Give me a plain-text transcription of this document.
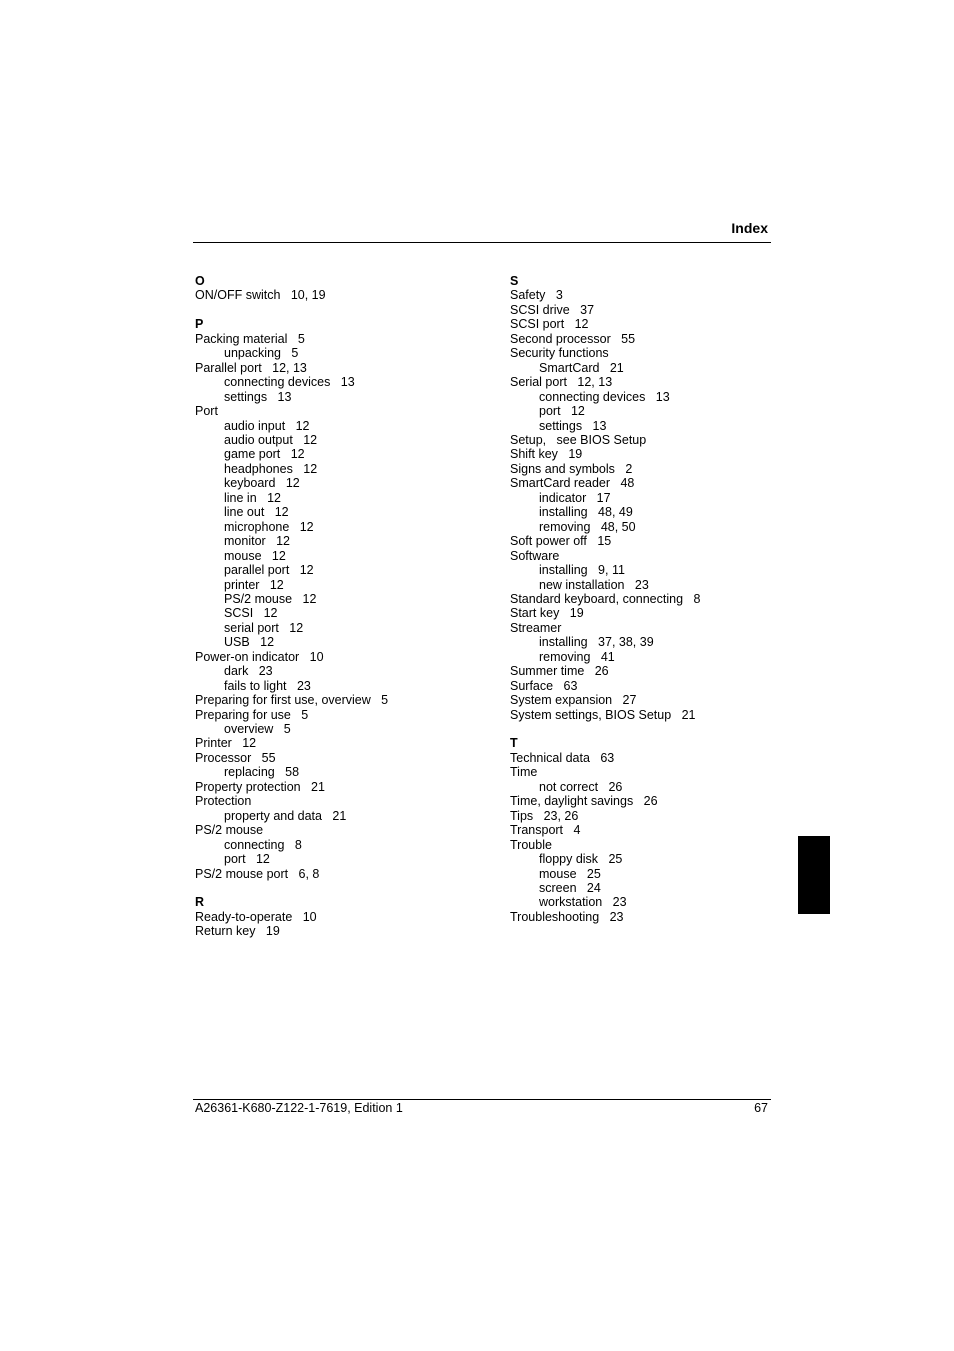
Index
O
ON/OFF switch   10, 19
P
Packing material   5
unpacking   5
Parallel port   12, 13
connecting devices   13
settings   13
Port
audio input   12
audio output   12
game port   12
headphones   12
keyboard   12
line in   12
line out   12
microphone   12
monitor   12
mouse   12
parallel port   12
printer   12
PS/2 mouse   12
SCSI   12
serial port   12
USB   12
Power-on indicator   10
dark   23
fails to light   23
Preparing for first use, overview   5
Preparing for use   5
overview   5
Printer   12
Processor   55
replacing   58
Property protection   21
Protection
property and data   21
PS/2 mouse
connecting   8
port   12
PS/2 mouse port   6, 8
R
Ready-to-operate   10
Return key   19
S
Safety   3
SCSI drive   37
SCSI port   12
Second processor   55
Security functions
SmartCard   21
Serial port   12, 13
connecting devices   13
port   12
settings   13
Setup,   see BIOS Setup
Shift key   19
Signs and symbols   2
SmartCard reader   48
indicator   17
installing   48, 49
removing   48, 50
Soft power off   15
Software
installing   9, 11
new installation   23
Standard keyboard, connecting   8
Start key   19
Streamer
installing   37, 38, 39
removing   41
Summer time   26
Surface   63
System expansion   27
System settings, BIOS Setup   21
T
Technical data   63
Time
not correct   26
Time, daylight savings   26
Tips   23, 26
Transport   4
Trouble
floppy disk   25
mouse   25
screen   24
workstation   23
Troubleshooting   23
A26361-K680-Z122-1-7619, Edition 1	67
